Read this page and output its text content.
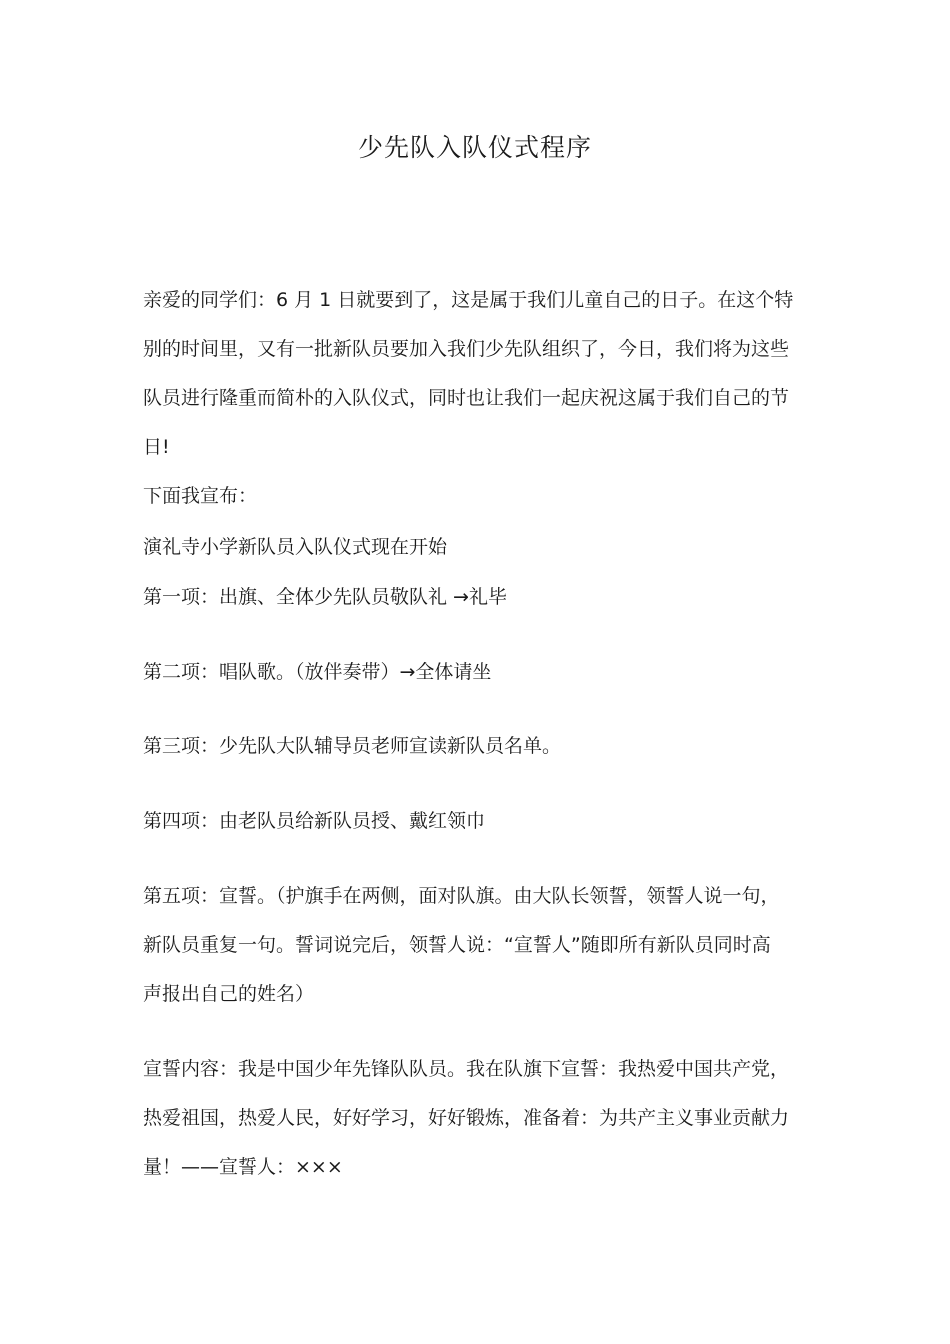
少先队入队仪式程序

亲爱的同学们：6 月 1 日就要到了，这是属于我们儿童自己的日子。在这个特
别的时间里，又有一批新队员要加入我们少先队组织了，今日，我们将为这些
队员进行隆重而简朴的入队仪式，同时也让我们一起庆祝这属于我们自己的节
日!

下面我宣布：

演礼寺小学新队员入队仪式现在开始

第一项：出旗、全体少先队员敬队礼 →礼毕

第二项：唱队歌。（放伴奏带）→全体请坐

第三项：少先队大队辅导员老师宣读新队员名单。

第四项：由老队员给新队员授、戴红领巾

第五项：宣誓。（护旗手在两侧，面对队旗。由大队长领誓，领誓人说一句，
新队员重复一句。誓词说完后，领誓人说：“宣誓人”随即所有新队员同时高
声报出自己的姓名）

宣誓内容：我是中国少年先锋队队员。我在队旗下宣誓：我热爱中国共产党，
热爱祖国，热爱人民，好好学习，好好锻炼，准备着：为共产主义事业贡献力
量！——宣誓人：×××
